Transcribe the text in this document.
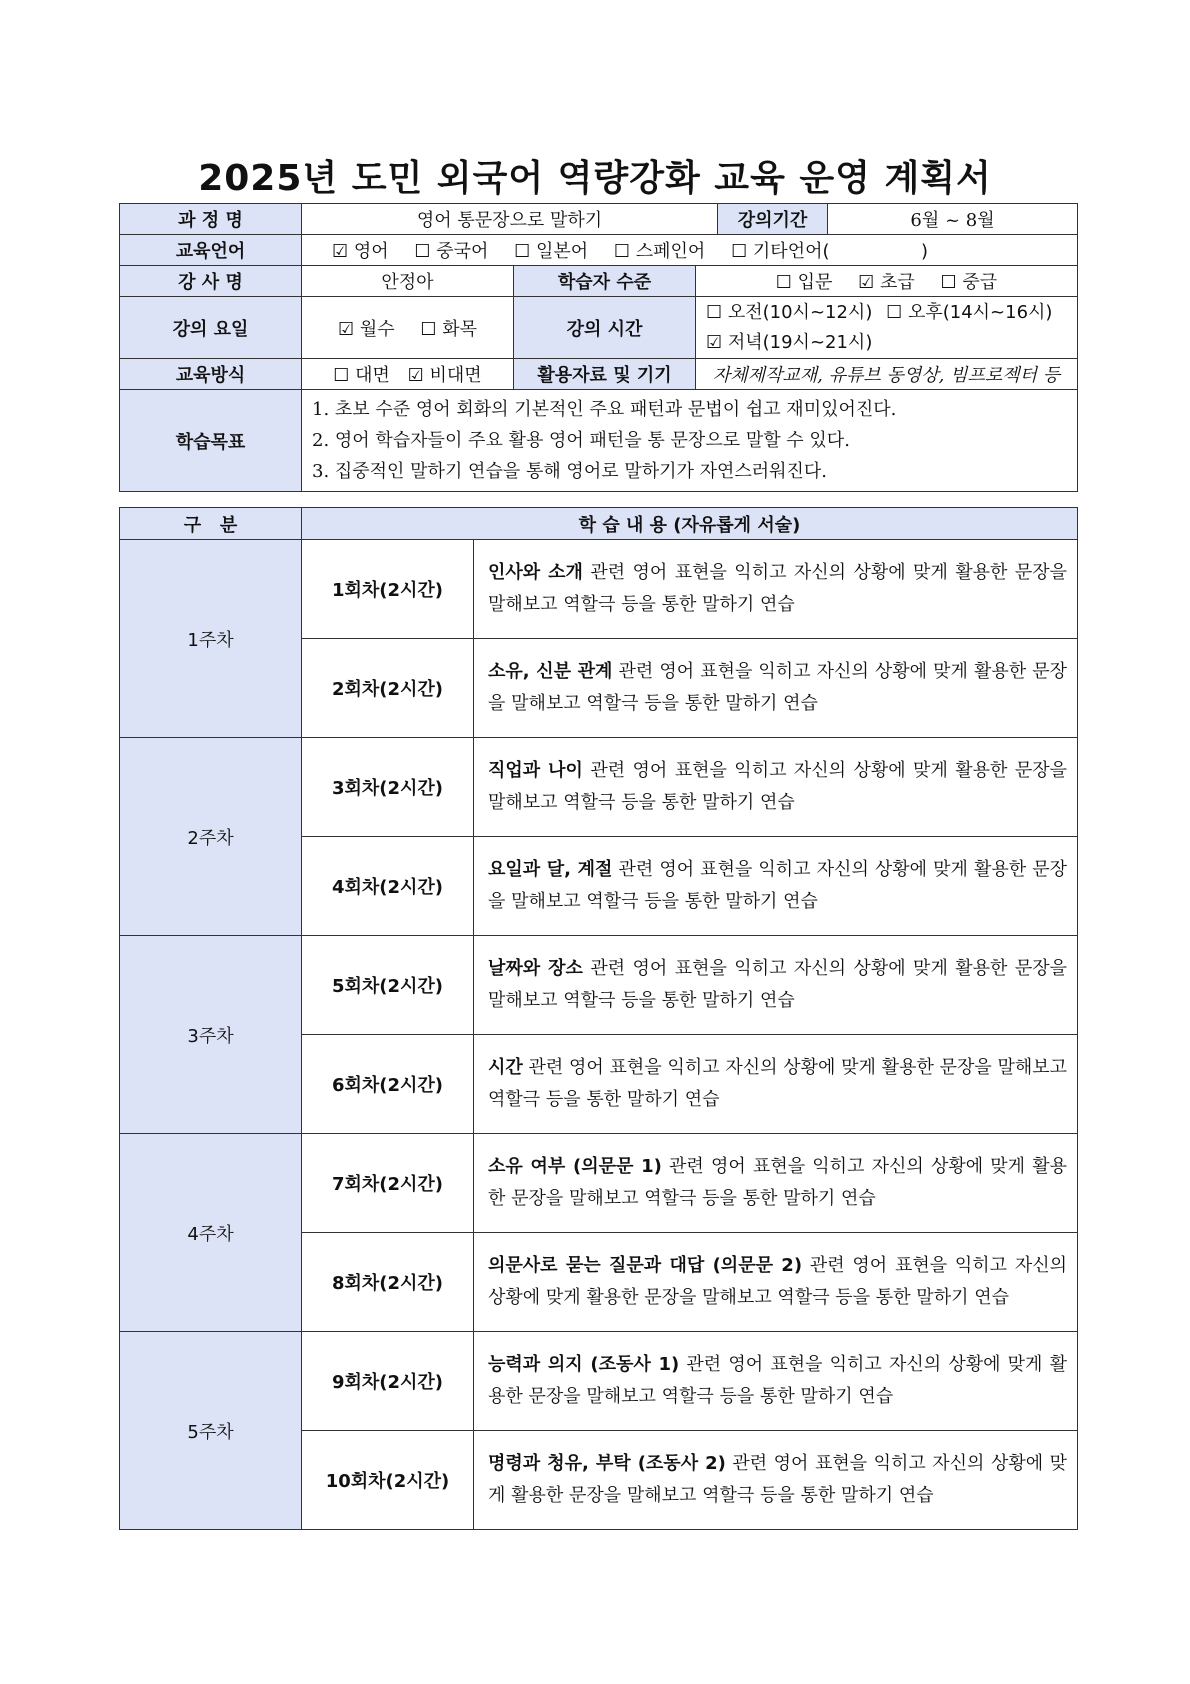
2025년 도민 외국어 역량강화 교육 운영 계획서
과 정 명	영어 통문장으로 말하기			강의기간	6월 ~ 8월
교육언어	☑ 영어 ☐ 중국어 ☐ 일본어 ☐ 스페인어 ☐ 기타언어(                )				
강 사 명	안정아	학습자 수준	☐ 입문 ☑ 초급 ☐ 중급		
강의 요일	☑ 월수 ☐ 화목	강의 시간	☐ 오전(10시~12시) ☐ 오후(14시~16시)
☑ 저녁(19시~21시)		
교육방식	☐ 대면 ☑ 비대면	활용자료 및 기기	자체제작교재, 유튜브 동영상, 빔프로젝터 등		
학습목표	1. 초보 수준 영어 회화의 기본적인 주요 패턴과 문법이 쉽고 재미있어진다.
2. 영어 학습자들이 주요 활용 영어 패턴을 통 문장으로 말할 수 있다.
3. 집중적인 말하기 연습을 통해 영어로 말하기가 자연스러워진다.				
구   분	학 습 내 용 (자유롭게 서술)	
1주차	1회차(2시간)	인사와 소개 관련 영어 표현을 익히고 자신의 상황에 맞게 활용한 문장을 말해보고 역할극 등을 통한 말하기 연습
	2회차(2시간)	소유, 신분 관계 관련 영어 표현을 익히고 자신의 상황에 맞게 활용한 문장을 말해보고 역할극 등을 통한 말하기 연습
2주차	3회차(2시간)	직업과 나이 관련 영어 표현을 익히고 자신의 상황에 맞게 활용한 문장을 말해보고 역할극 등을 통한 말하기 연습
	4회차(2시간)	요일과 달, 계절 관련 영어 표현을 익히고 자신의 상황에 맞게 활용한 문장을 말해보고 역할극 등을 통한 말하기 연습
3주차	5회차(2시간)	날짜와 장소 관련 영어 표현을 익히고 자신의 상황에 맞게 활용한 문장을 말해보고 역할극 등을 통한 말하기 연습
	6회차(2시간)	시간 관련 영어 표현을 익히고 자신의 상황에 맞게 활용한 문장을 말해보고 역할극 등을 통한 말하기 연습
4주차	7회차(2시간)	소유 여부 (의문문 1) 관련 영어 표현을 익히고 자신의 상황에 맞게 활용한 문장을 말해보고 역할극 등을 통한 말하기 연습
	8회차(2시간)	의문사로 묻는 질문과 대답 (의문문 2) 관련 영어 표현을 익히고 자신의 상황에 맞게 활용한 문장을 말해보고 역할극 등을 통한 말하기 연습
5주차	9회차(2시간)	능력과 의지 (조동사 1) 관련 영어 표현을 익히고 자신의 상황에 맞게 활용한 문장을 말해보고 역할극 등을 통한 말하기 연습
	10회차(2시간)	명령과 청유, 부탁 (조동사 2) 관련 영어 표현을 익히고 자신의 상황에 맞게 활용한 문장을 말해보고 역할극 등을 통한 말하기 연습
